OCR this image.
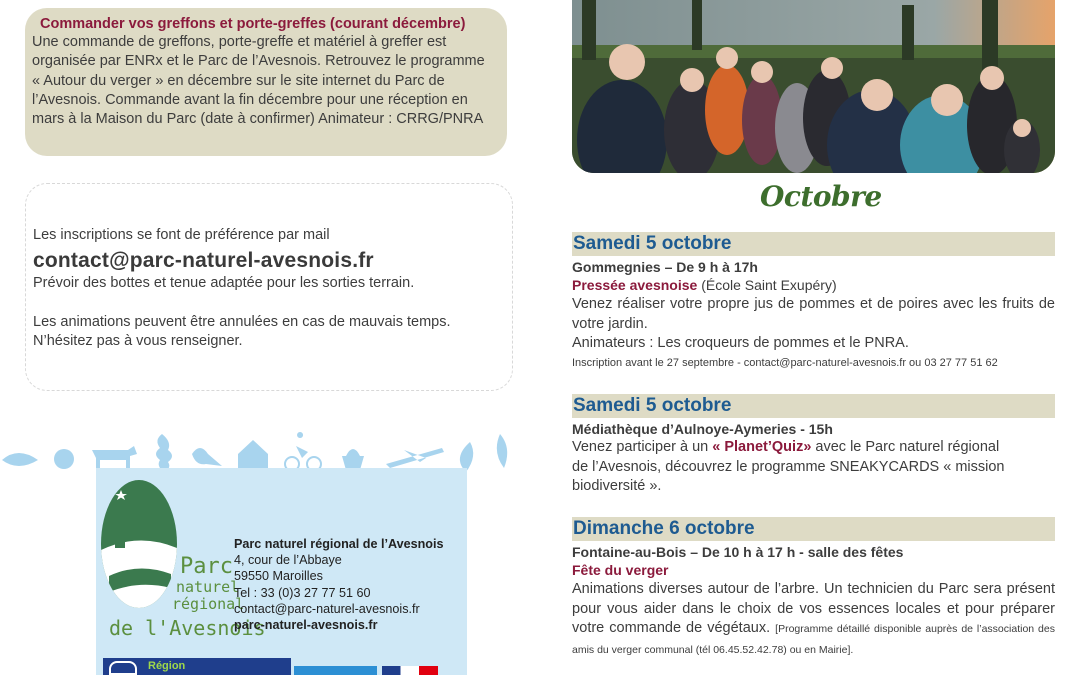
Commander vos greffons et porte-greffes (courant décembre)
Une commande de greffons, porte-greffe et matériel à greffer est
organisée par ENRx et le Parc de l’Avesnois. Retrouvez le programme
« Autour du verger » en décembre sur le site internet du Parc de
l’Avesnois. Commande avant la fin décembre pour une réception en
mars à la Maison du Parc (date à confirmer) Animateur : CRRG/PNRA
Les inscriptions se font de préférence par mail
contact@parc-naturel-avesnois.fr
Prévoir des bottes et tenue adaptée pour les sorties terrain.
Les animations peuvent être annulées en cas de mauvais temps.
N’hésitez pas à vous renseigner.
Parc
naturel
régional
de l'Avesnois
Parc naturel régional de l’Avesnois
4, cour de l’Abbaye
59550 Maroilles
Tel : 33 (0)3 27 77 51 60
contact@parc-naturel-avesnois.fr
parc-naturel-avesnois.fr
Région
Octobre
Samedi 5 octobre
Gommegnies – De 9 h à 17h
Pressée avesnoise (École Saint Exupéry)
Venez réaliser votre propre jus de pommes et de poires avec les fruits de votre jardin.
Animateurs : Les croqueurs de pommes et le PNRA.
Inscription avant le 27 septembre - contact@parc-naturel-avesnois.fr ou 03 27 77 51 62
Samedi 5 octobre
Médiathèque d’Aulnoye-Aymeries - 15h
Venez participer à un « Planet’Quiz» avec le Parc naturel régional
de l’Avesnois, découvrez le programme SNEAKYCARDS « mission
biodiversité ».
Dimanche 6 octobre
Fontaine-au-Bois – De 10 h à 17 h - salle des fêtes
Fête du verger
Animations diverses autour de l’arbre. Un technicien du Parc sera présent pour vous aider dans le choix de vos essences locales et pour préparer votre commande de végétaux. [Programme détaillé disponible auprès de l’association des amis du verger communal (tél 06.45.52.42.78) ou en Mairie].
